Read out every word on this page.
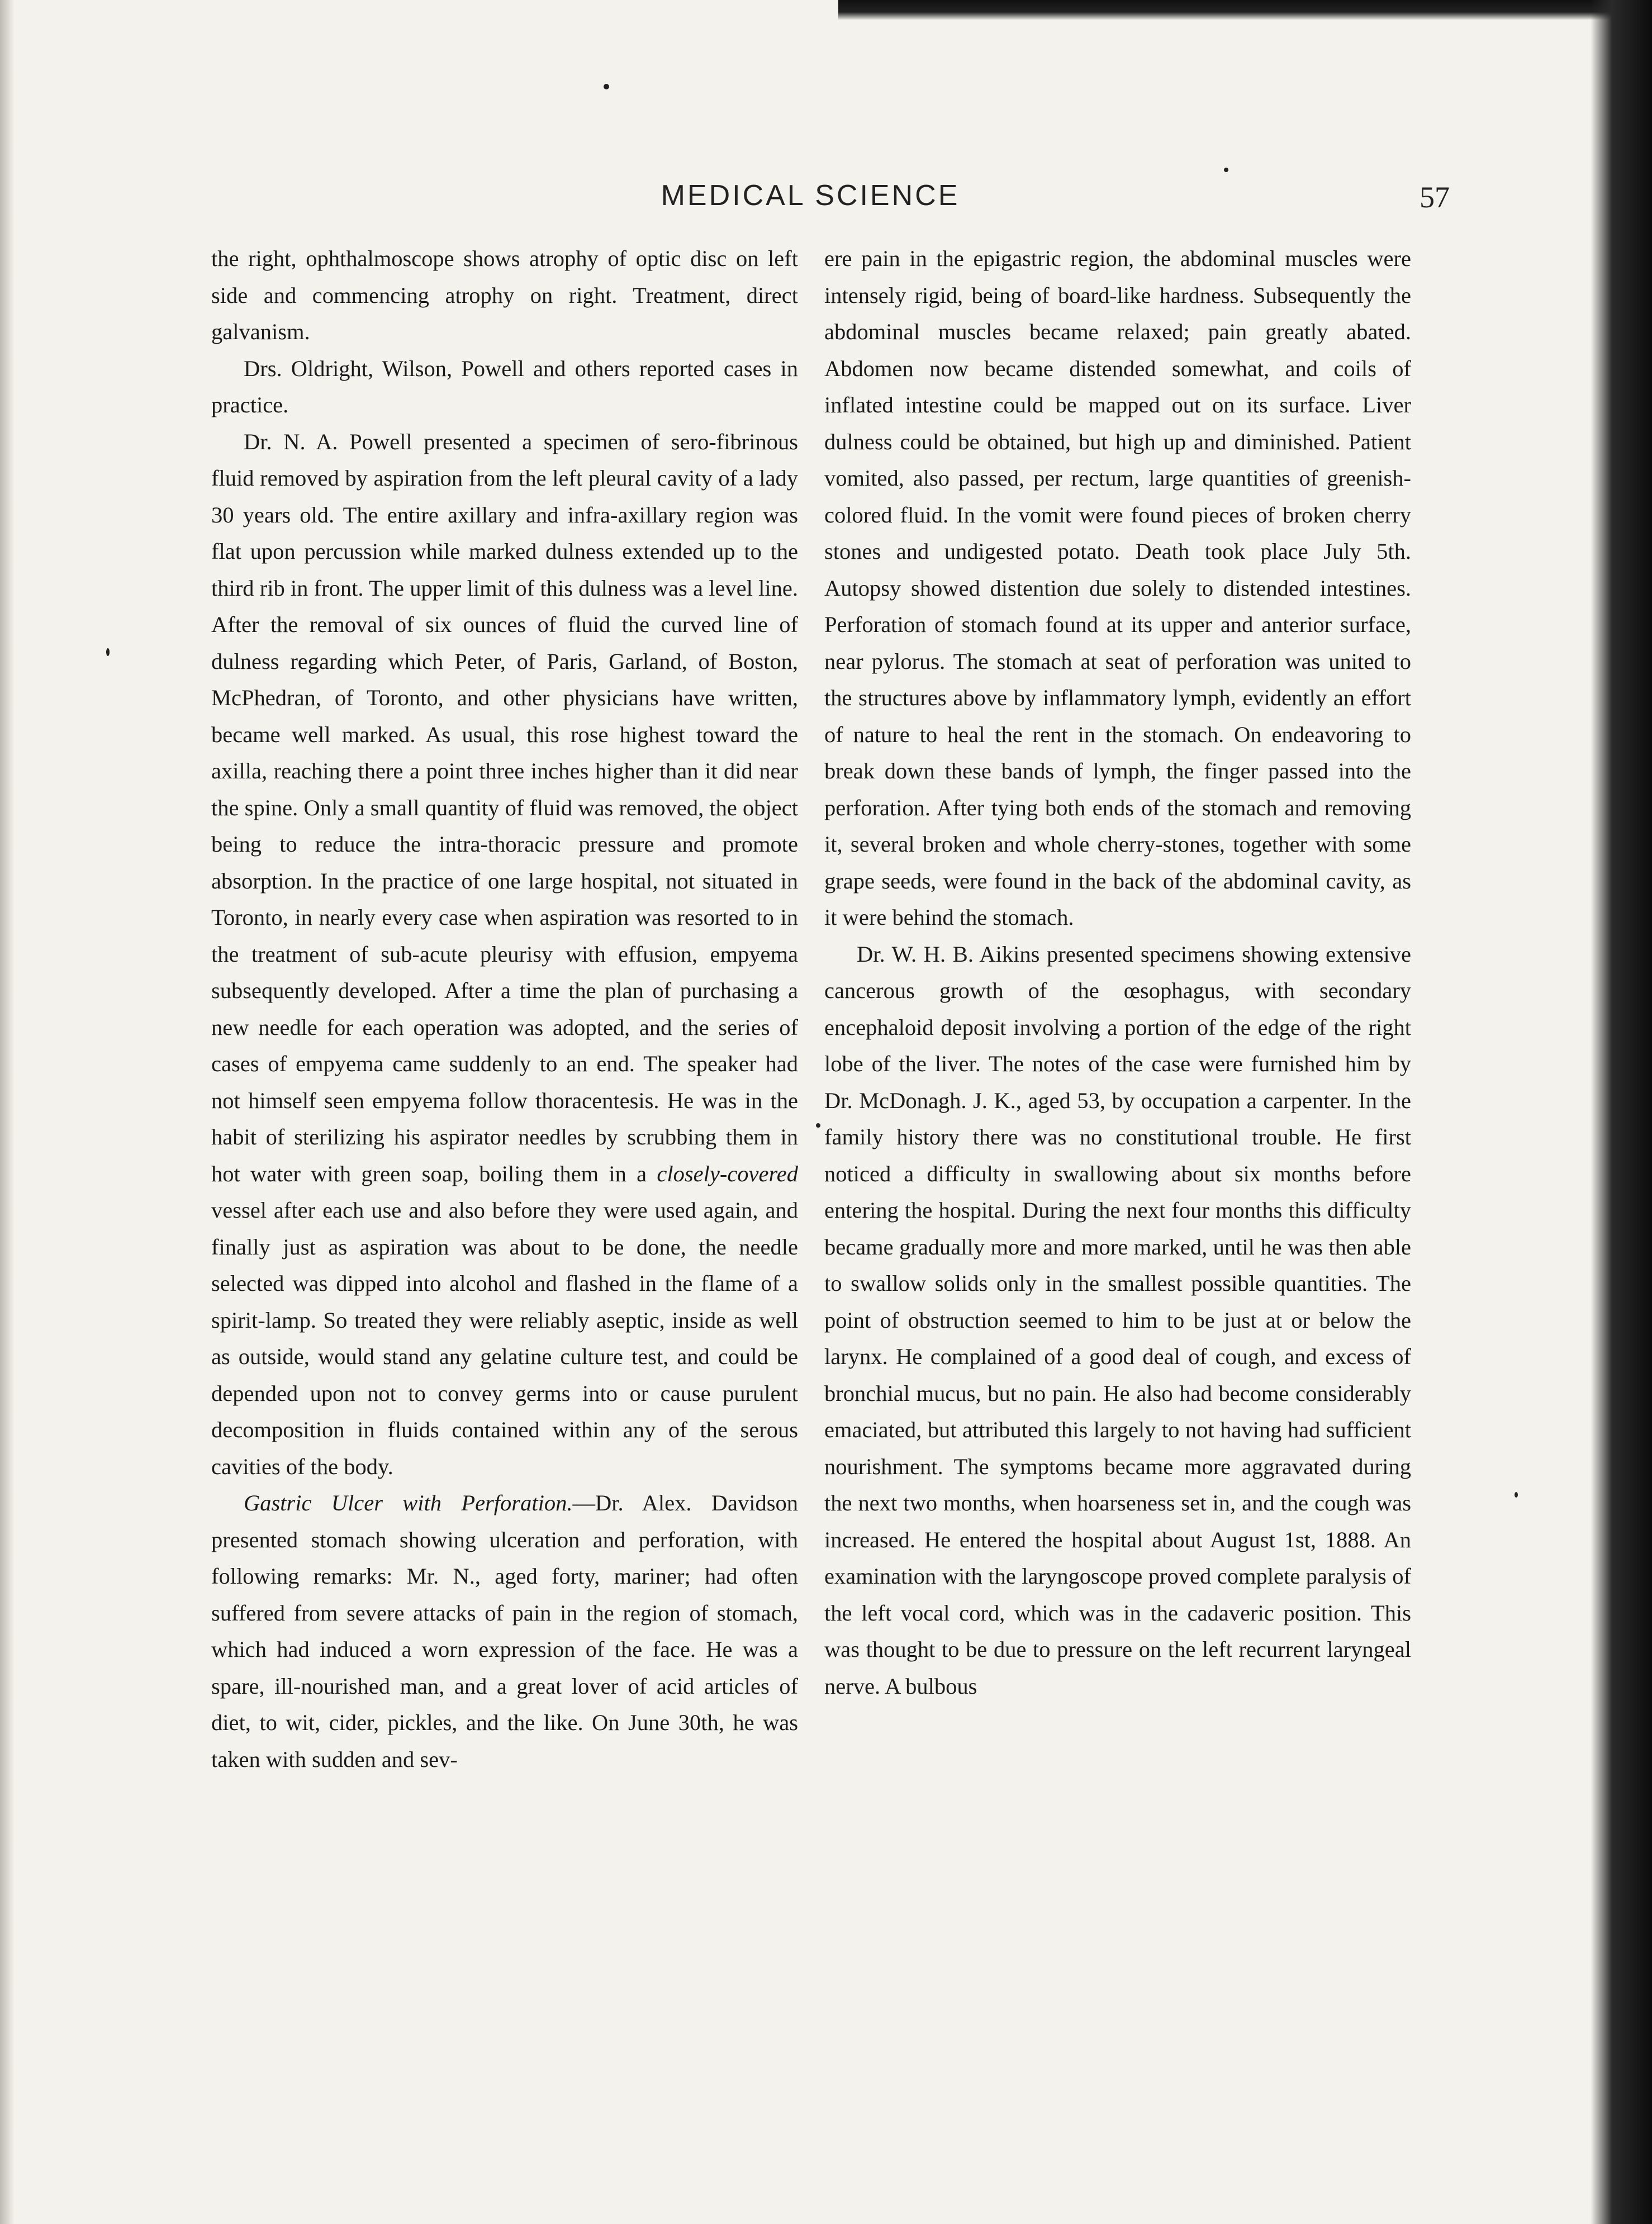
MEDICAL SCIENCE	57

the right, ophthalmoscope shows atrophy of optic disc on left side and commencing atrophy on right. Treatment, direct galvanism.

Drs. Oldright, Wilson, Powell and others reported cases in practice.

Dr. N. A. Powell presented a specimen of sero-fibrinous fluid removed by aspiration from the left pleural cavity of a lady 30 years old. The entire axillary and infra-axillary region was flat upon percussion while marked dulness extended up to the third rib in front. The upper limit of this dulness was a level line. After the removal of six ounces of fluid the curved line of dulness regarding which Peter, of Paris, Garland, of Boston, McPhedran, of Toronto, and other physicians have written, became well marked. As usual, this rose highest toward the axilla, reaching there a point three inches higher than it did near the spine. Only a small quantity of fluid was removed, the object being to reduce the intra-thoracic pressure and promote absorption. In the practice of one large hospital, not situated in Toronto, in nearly every case when aspiration was resorted to in the treatment of sub-acute pleurisy with effusion, empyema subsequently developed. After a time the plan of purchasing a new needle for each operation was adopted, and the series of cases of empyema came suddenly to an end. The speaker had not himself seen empyema follow thoracentesis. He was in the habit of sterilizing his aspirator needles by scrubbing them in hot water with green soap, boiling them in a closely-covered vessel after each use and also before they were used again, and finally just as aspiration was about to be done, the needle selected was dipped into alcohol and flashed in the flame of a spirit-lamp. So treated they were reliably aseptic, inside as well as outside, would stand any gelatine culture test, and could be depended upon not to convey germs into or cause purulent decomposition in fluids contained within any of the serous cavities of the body.

Gastric Ulcer with Perforation.—Dr. Alex. Davidson presented stomach showing ulceration and perforation, with following remarks: Mr. N., aged forty, mariner; had often suffered from severe attacks of pain in the region of stomach, which had induced a worn expression of the face. He was a spare, ill-nourished man, and a great lover of acid articles of diet, to wit, cider, pickles, and the like. On June 30th, he was taken with sudden and sev-

ere pain in the epigastric region, the abdominal muscles were intensely rigid, being of board-like hardness. Subsequently the abdominal muscles became relaxed; pain greatly abated. Abdomen now became distended somewhat, and coils of inflated intestine could be mapped out on its surface. Liver dulness could be obtained, but high up and diminished. Patient vomited, also passed, per rectum, large quantities of greenish-colored fluid. In the vomit were found pieces of broken cherry stones and undigested potato. Death took place July 5th. Autopsy showed distention due solely to distended intestines. Perforation of stomach found at its upper and anterior surface, near pylorus. The stomach at seat of perforation was united to the structures above by inflammatory lymph, evidently an effort of nature to heal the rent in the stomach. On endeavoring to break down these bands of lymph, the finger passed into the perforation. After tying both ends of the stomach and removing it, several broken and whole cherry-stones, together with some grape seeds, were found in the back of the abdominal cavity, as it were behind the stomach.

Dr. W. H. B. Aikins presented specimens showing extensive cancerous growth of the œsophagus, with secondary encephaloid deposit involving a portion of the edge of the right lobe of the liver. The notes of the case were furnished him by Dr. McDonagh. J. K., aged 53, by occupation a carpenter. In the family history there was no constitutional trouble. He first noticed a difficulty in swallowing about six months before entering the hospital. During the next four months this difficulty became gradually more and more marked, until he was then able to swallow solids only in the smallest possible quantities. The point of obstruction seemed to him to be just at or below the larynx. He complained of a good deal of cough, and excess of bronchial mucus, but no pain. He also had become considerably emaciated, but attributed this largely to not having had sufficient nourishment. The symptoms became more aggravated during the next two months, when hoarseness set in, and the cough was increased. He entered the hospital about August 1st, 1888. An examination with the laryngoscope proved complete paralysis of the left vocal cord, which was in the cadaveric position. This was thought to be due to pressure on the left recurrent laryngeal nerve. A bulbous
